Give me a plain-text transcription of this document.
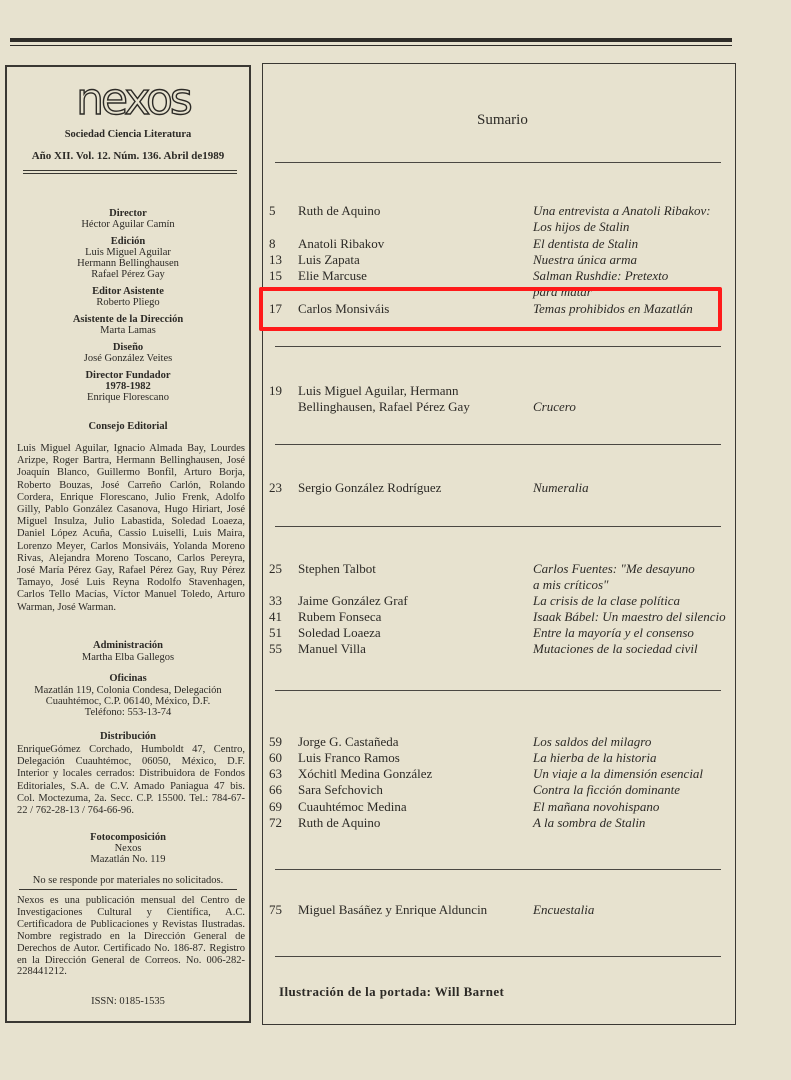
nexos
Sociedad Ciencia Literatura
Año XII. Vol. 12. Núm. 136. Abril de1989
Director
Héctor Aguilar Camín
Edición
Luis Miguel Aguilar
Hermann Bellinghausen
Rafael Pérez Gay
Editor Asistente
Roberto Pliego
Asistente de la Dirección
Marta Lamas
Diseño
José González Veites
Director Fundador
1978-1982
Enrique Florescano
Consejo Editorial
Luis Miguel Aguilar, Ignacio Almada Bay, Lourdes Arizpe, Roger Bartra, Hermann Bellinghausen, José Joaquín Blanco, Guillermo Bonfil, Arturo Borja, Roberto Bouzas, José Carreño Carlón, Rolando Cordera, Enrique Florescano, Julio Frenk, Adolfo Gilly, Pablo González Casanova, Hugo Hiriart, José Miguel Insulza, Julio Labastida, Soledad Loaeza, Daniel López Acuña, Cassio Luiselli, Luis Maira, Lorenzo Meyer, Carlos Monsiváis, Yolanda Moreno Rivas, Alejandra Moreno Toscano, Carlos Pereyra, José María Pérez Gay, Rafael Pérez Gay, Ruy Pérez Tamayo, José Luis Reyna Rodolfo Stavenhagen, Carlos Tello Macías, Víctor Manuel Toledo, Arturo Warman, José Warman.
Administración
Martha Elba Gallegos
Oficinas
Mazatlán 119, Colonia Condesa, Delegación
Cuauhtémoc, C.P. 06140, México, D.F.
Teléfono: 553-13-74
Distribución
EnriqueGómez Corchado, Humboldt 47, Centro, Delegación Cuauhtémoc, 06050, México, D.F. Interior y locales cerrados: Distribuidora de Fondos Editoriales, S.A. de C.V. Amado Paniagua 47 bis. Col. Moctezuma, 2a. Secc. C.P. 15500. Tel.: 784-67-22 / 762-28-13 / 764-66-96.
Fotocomposición
Nexos
Mazatlán No. 119
No se responde por materiales no solicitados.
Nexos es una publicación mensual del Centro de Investigaciones Cultural y Científica, A.C. Certificadora de Publicaciones y Revistas Ilustradas. Nombre registrado en la Dirección General de Derechos de Autor. Certificado No. 186-87. Registro en la Dirección General de Correos. No. 006-282-228441212.
ISSN: 0185-1535
Sumario
5 Ruth de Aquino	Una entrevista a Anatoli Ribakov:
Los hijos de Stalin
8 Anatoli Ribakov	El dentista de Stalin
13 Luis Zapata	Nuestra única arma
15 Elie Marcuse	Salman Rushdie: Pretexto
para matar
17 Carlos Monsiváis	Temas prohibidos en Mazatlán
19 Luis Miguel Aguilar, Hermann
Bellinghausen, Rafael Pérez Gay	Crucero
23 Sergio González Rodríguez	Numeralia
25 Stephen Talbot	Carlos Fuentes: "Me desayuno
a mis críticos"
33 Jaime González Graf	La crisis de la clase política
41 Rubem Fonseca	Isaak Bábel: Un maestro del silencio
51 Soledad Loaeza	Entre la mayoría y el consenso
55 Manuel Villa	Mutaciones de la sociedad civil
59 Jorge G. Castañeda	Los saldos del milagro
60 Luis Franco Ramos	La hierba de la historia
63 Xóchitl Medina González	Un viaje a la dimensión esencial
66 Sara Sefchovich	Contra la ficción dominante
69 Cuauhtémoc Medina	El mañana novohispano
72 Ruth de Aquino	A la sombra de Stalin
75 Miguel Basáñez y Enrique Alduncin	Encuestalia
Ilustración de la portada: Will Barnet
